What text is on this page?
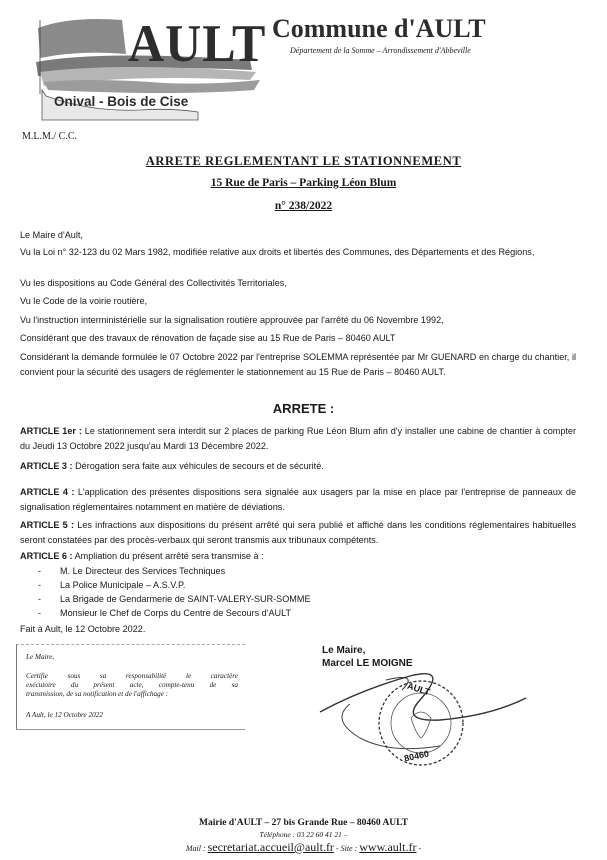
AULT
Onival - Bois de Cise
Commune d'AULT
Département de la Somme – Arrondissement d'Abbeville
M.L.M./ C.C.
ARRETE REGLEMENTANT LE STATIONNEMENT
15 Rue de Paris – Parking Léon Blum
n° 238/2022
Le Maire d'Ault,
Vu la Loi n° 32-123 du 02 Mars 1982, modifiée relative aux droits et libertés des Communes, des Départements et des Régions,
Vu les dispositions au Code Général des Collectivités Territoriales,
Vu le Code de la voirie routière,
Vu l'instruction interministérielle sur la signalisation routière approuvée par l'arrêté du 06 Novembre 1992,
Considérant que des travaux de rénovation de façade sise au 15 Rue de Paris – 80460 AULT
Considérant la demande formulée le 07 Octobre 2022 par l'entreprise SOLEMMA représentée par Mr GUENARD en charge du chantier, il convient pour la sécurité des usagers de réglementer le stationnement au 15 Rue de Paris – 80460 AULT.
ARRETE :
ARTICLE 1er : Le stationnement sera interdit sur 2 places de parking Rue Léon Blum afin d'y installer une cabine de chantier à compter du Jeudi 13 Octobre 2022 jusqu'au Mardi 13 Décembre 2022.
ARTICLE 3 : Dérogation sera faite aux véhicules de secours et de sécurité.
ARTICLE 4 : L'application des présentes dispositions sera signalée aux usagers par la mise en place par l'entreprise de panneaux de signalisation réglementaires notamment en matière de déviations.
ARTICLE 5 : Les infractions aux dispositions du présent arrêté qui sera publié et affiché dans les conditions réglementaires habituelles seront constatées par des procès-verbaux qui seront transmis aux tribunaux compétents.
ARTICLE 6 : Ampliation du présent arrêté sera transmise à :
- M. Le Directeur des Services Techniques
- La Police Municipale – A.S.V.P.
- La Brigade de Gendarmerie de SAINT-VALERY-SUR-SOMME
- Monsieur le Chef de Corps du Centre de Secours d'AULT
Fait à Ault, le 12 Octobre 2022.
Le Maire,
Certifie sous sa responsabilité le caractère
exécutoire du présent acte, compte-tenu de sa
transmission, de sa notification et de l'affichage :
A Ault, le 12 Octobre 2022
Le Maire,
Marcel LE MOIGNE
AULT
80460
Mairie d'AULT – 27 bis Grande Rue – 80460 AULT
Téléphone : 03 22 60 41 21 –
Mail : secretariat.accueil@ault.fr - Site : www.ault.fr -
